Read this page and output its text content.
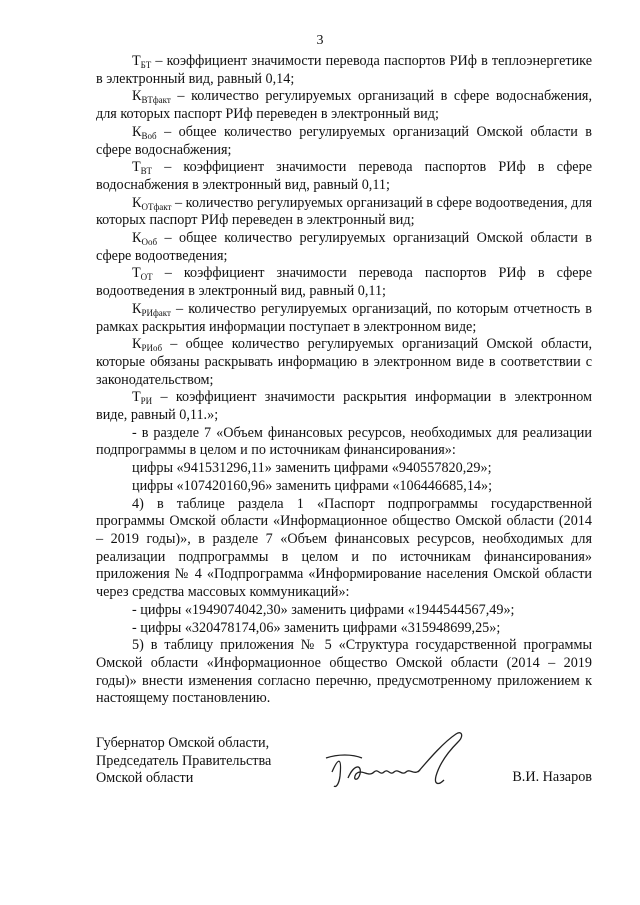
3

$Т_{БТ}$ – коэффициент значимости перевода паспортов РИф в теплоэнергетике в электронный вид, равный 0,14;

$К_{ВТфакт}$ – количество регулируемых организаций в сфере водоснабжения, для которых паспорт РИф переведен в электронный вид;

$К_{Воб}$ – общее количество регулируемых организаций Омской области в сфере водоснабжения;

$Т_{ВТ}$ – коэффициент значимости перевода паспортов РИф в сфере водоснабжения в электронный вид, равный 0,11;

$К_{ОТфакт}$ – количество регулируемых организаций в сфере водоотведения, для которых паспорт РИф переведен в электронный вид;

$К_{Ооб}$ – общее количество регулируемых организаций Омской области в сфере водоотведения;

$Т_{ОТ}$ – коэффициент значимости перевода паспортов РИф в сфере водоотведения в электронный вид, равный 0,11;

$К_{РИфакт}$ – количество регулируемых организаций, по которым отчетность в рамках раскрытия информации поступает в электронном виде;

$К_{РИоб}$ – общее количество регулируемых организаций Омской области, которые обязаны раскрывать информацию в электронном виде в соответствии с законодательством;

$Т_{РИ}$ – коэффициент значимости раскрытия информации в электронном виде, равный 0,11.»;

- в разделе 7 «Объем финансовых ресурсов, необходимых для реализации подпрограммы в целом и по источникам финансирования»:

цифры «941531296,11» заменить цифрами «940557820,29»;

цифры «107420160,96» заменить цифрами «106446685,14»;

4) в таблице раздела 1 «Паспорт подпрограммы государственной программы Омской области «Информационное общество Омской области (2014 – 2019 годы)», в разделе 7 «Объем финансовых ресурсов, необходимых для реализации подпрограммы в целом и по источникам финансирования» приложения № 4 «Подпрограмма «Информирование населения Омской области через средства массовых коммуникаций»:

- цифры «1949074042,30» заменить цифрами «1944544567,49»;

- цифры «320478174,06» заменить цифрами «315948699,25»;

5) в таблицу приложения № 5 «Структура государственной программы Омской области «Информационное общество Омской области (2014 – 2019 годы)» внести изменения согласно перечню, предусмотренному приложением к настоящему постановлению.

Губернатор Омской области,

Председатель Правительства

Омской области	В.И. Назаров
